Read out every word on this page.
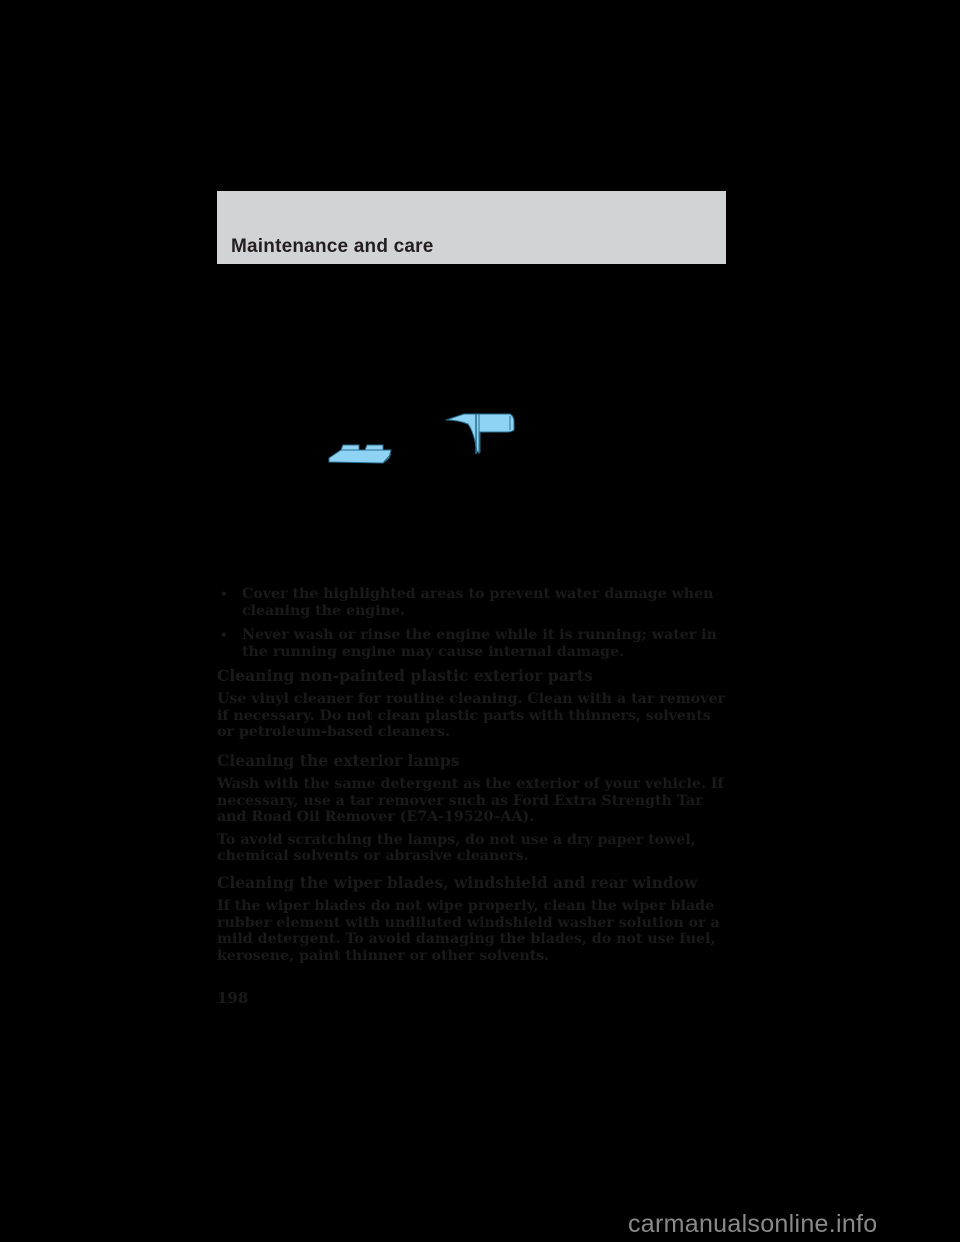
Maintenance and care
• Cover the highlighted areas to prevent water damage when cleaning the engine.
• Never wash or rinse the engine while it is running; water in the running engine may cause internal damage.
Cleaning non-painted plastic exterior parts
Use vinyl cleaner for routine cleaning. Clean with a tar remover if necessary. Do not clean plastic parts with thinners, solvents or petroleum-based cleaners.
Cleaning the exterior lamps
Wash with the same detergent as the exterior of your vehicle. If necessary, use a tar remover such as Ford Extra Strength Tar and Road Oil Remover (E7A-19520–AA).
To avoid scratching the lamps, do not use a dry paper towel, chemical solvents or abrasive cleaners.
Cleaning the wiper blades, windshield and rear window
If the wiper blades do not wipe properly, clean the wiper blade rubber element with undiluted windshield washer solution or a mild detergent. To avoid damaging the blades, do not use fuel, kerosene, paint thinner or other solvents.
198
carmanualsonline.info
